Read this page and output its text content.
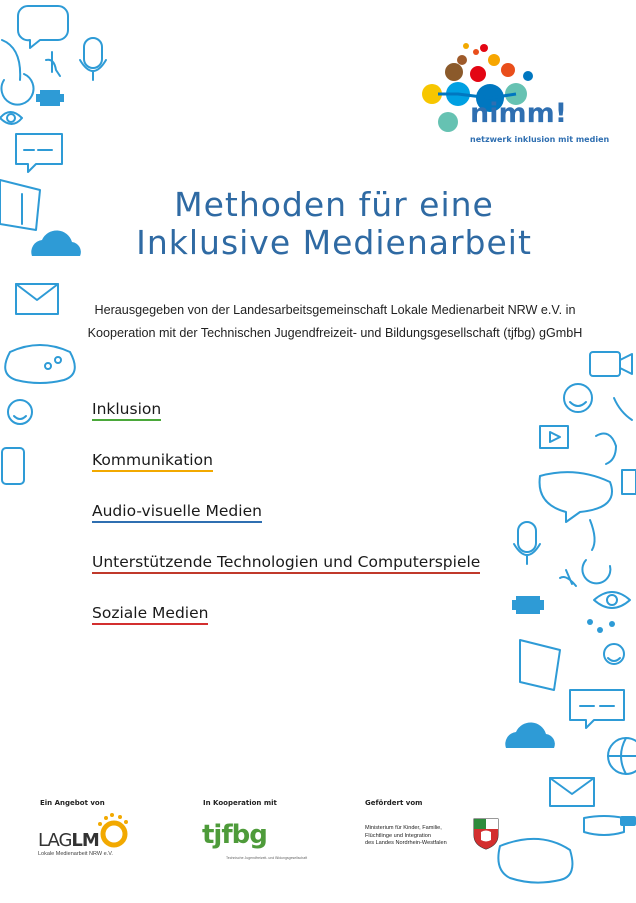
nimm!
netzwerk inklusion mit medien
Methoden für eine
Inklusive Medienarbeit
Herausgegeben von der Landesarbeitsgemeinschaft Lokale Medienarbeit NRW e.V. in
Kooperation mit der Technischen Jugendfreizeit- und Bildungsgesellschaft (tjfbg) gGmbH
Inklusion
Kommunikation
Audio-visuelle Medien
Unterstützende Technologien und Computerspiele
Soziale Medien
Ein Angebot von	In Kooperation mit	Gefördert vom
LAGLM
Lokale Medienarbeit NRW e.V.
tjfbg
Technische Jugendfreizeit- und Bildungsgesellschaft
Ministerium für Kinder, Familie,
Flüchtlinge und Integration
des Landes Nordrhein-Westfalen
